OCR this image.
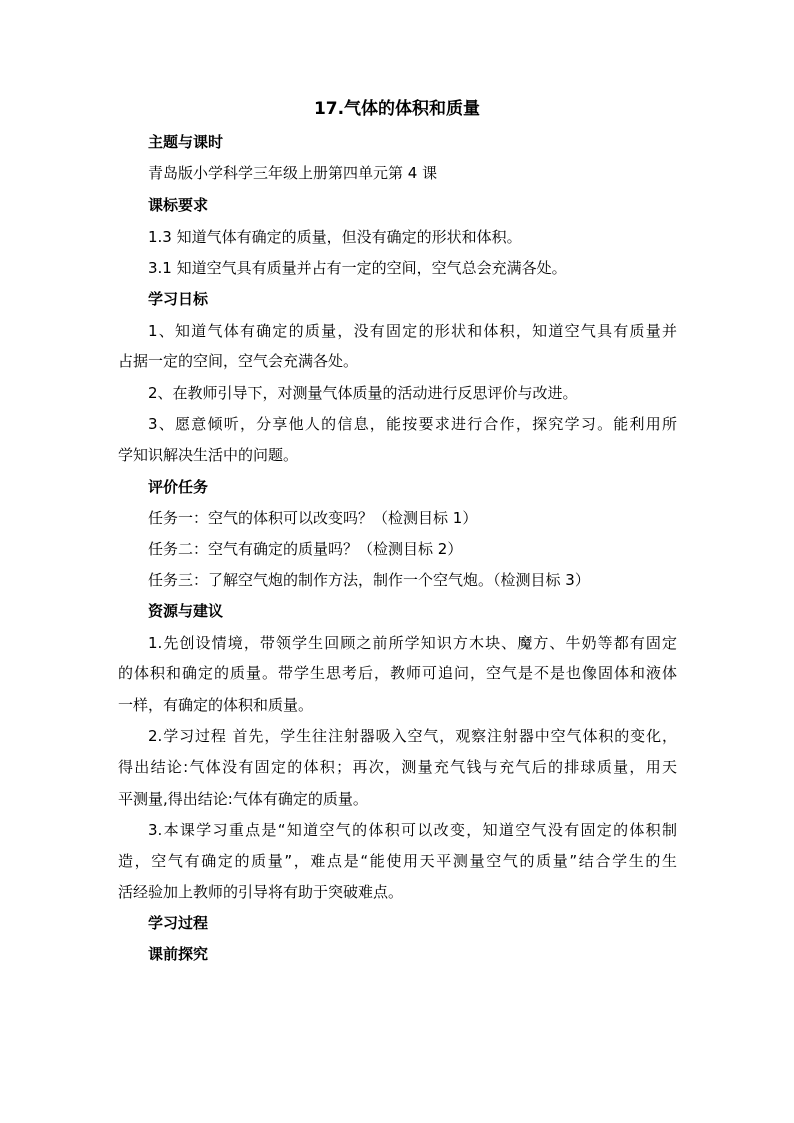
17.气体的体积和质量
主题与课时
青岛版小学科学三年级上册第四单元第 4 课
课标要求
1.3 知道气体有确定的质量，但没有确定的形状和体积。
3.1 知道空气具有质量并占有一定的空间，空气总会充满各处。
学习日标
1、知道气体有确定的质量，没有固定的形状和体积，知道空气具有质量并
占据一定的空间，空气会充满各处。
2、在教师引导下，对测量气体质量的活动进行反思评价与改进。
3、愿意倾听，分享他人的信息，能按要求进行合作，探究学习。能利用所
学知识解决生活中的问题。
评价任务
任务一：空气的体积可以改变吗？（检测目标 1）
任务二：空气有确定的质量吗？（检测目标 2）
任务三：了解空气炮的制作方法，制作一个空气炮。（检测目标 3）
资源与建议
1.先创设情境，带领学生回顾之前所学知识方木块、魔方、牛奶等都有固定
的体积和确定的质量。带学生思考后，教师可追问，空气是不是也像固体和液体
一样，有确定的体积和质量。
2.学习过程 首先，学生往注射器吸入空气，观察注射器中空气体积的变化，
得出结论:气体没有固定的体积；再次，测量充气钱与充气后的排球质量，用天
平测量,得出结论:气体有确定的质量。
3.本课学习重点是“知道空气的体积可以改变，知道空气没有固定的体积制
造，空气有确定的质量”，难点是“能使用天平测量空气的质量”结合学生的生
活经验加上教师的引导将有助于突破难点。
学习过程
课前探究
